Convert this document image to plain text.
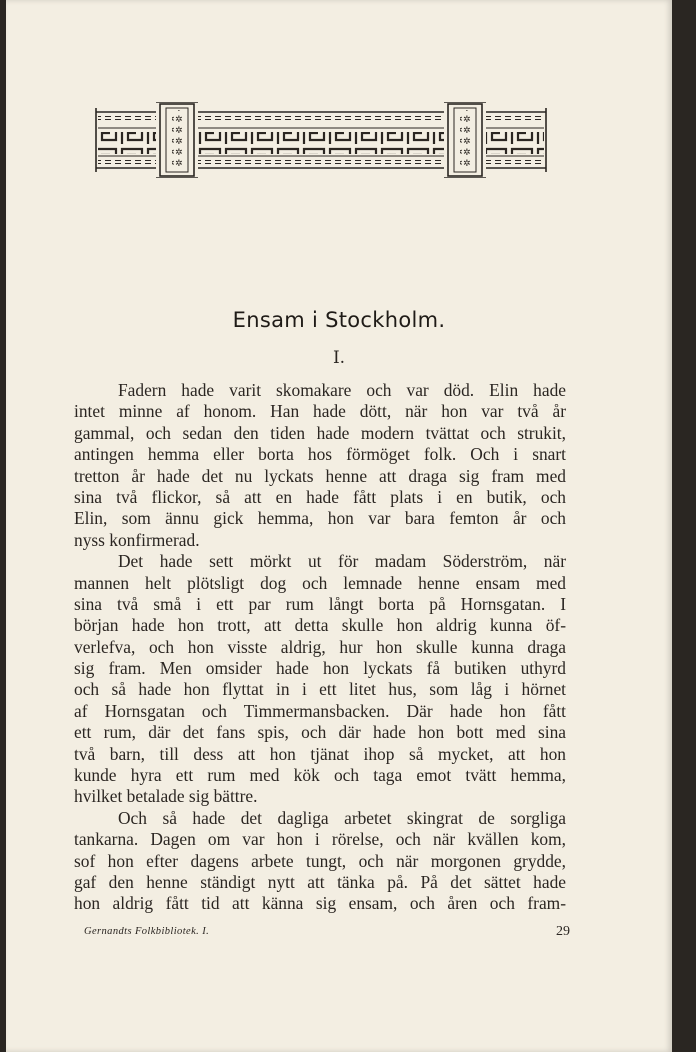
Ensam i Stockholm.
I.
Fadern hade varit skomakare och var död. Elin hade
intet minne af honom. Han hade dött, när hon var två år
gammal, och sedan den tiden hade modern tvättat och strukit,
antingen hemma eller borta hos förmöget folk. Och i snart
tretton år hade det nu lyckats henne att draga sig fram med
sina två flickor, så att en hade fått plats i en butik, och
Elin, som ännu gick hemma, hon var bara femton år och
nyss konfirmerad.
Det hade sett mörkt ut för madam Söderström, när
mannen helt plötsligt dog och lemnade henne ensam med
sina två små i ett par rum långt borta på Hornsgatan. I
början hade hon trott, att detta skulle hon aldrig kunna öf-
verlefva, och hon visste aldrig, hur hon skulle kunna draga
sig fram. Men omsider hade hon lyckats få butiken uthyrd
och så hade hon flyttat in i ett litet hus, som låg i hörnet
af Hornsgatan och Timmermansbacken. Där hade hon fått
ett rum, där det fans spis, och där hade hon bott med sina
två barn, till dess att hon tjänat ihop så mycket, att hon
kunde hyra ett rum med kök och taga emot tvätt hemma,
hvilket betalade sig bättre.
Och så hade det dagliga arbetet skingrat de sorgliga
tankarna. Dagen om var hon i rörelse, och när kvällen kom,
sof hon efter dagens arbete tungt, och när morgonen grydde,
gaf den henne ständigt nytt att tänka på. På det sättet hade
hon aldrig fått tid att känna sig ensam, och åren och fram-
Gernandts Folkbibliotek. I.	29
